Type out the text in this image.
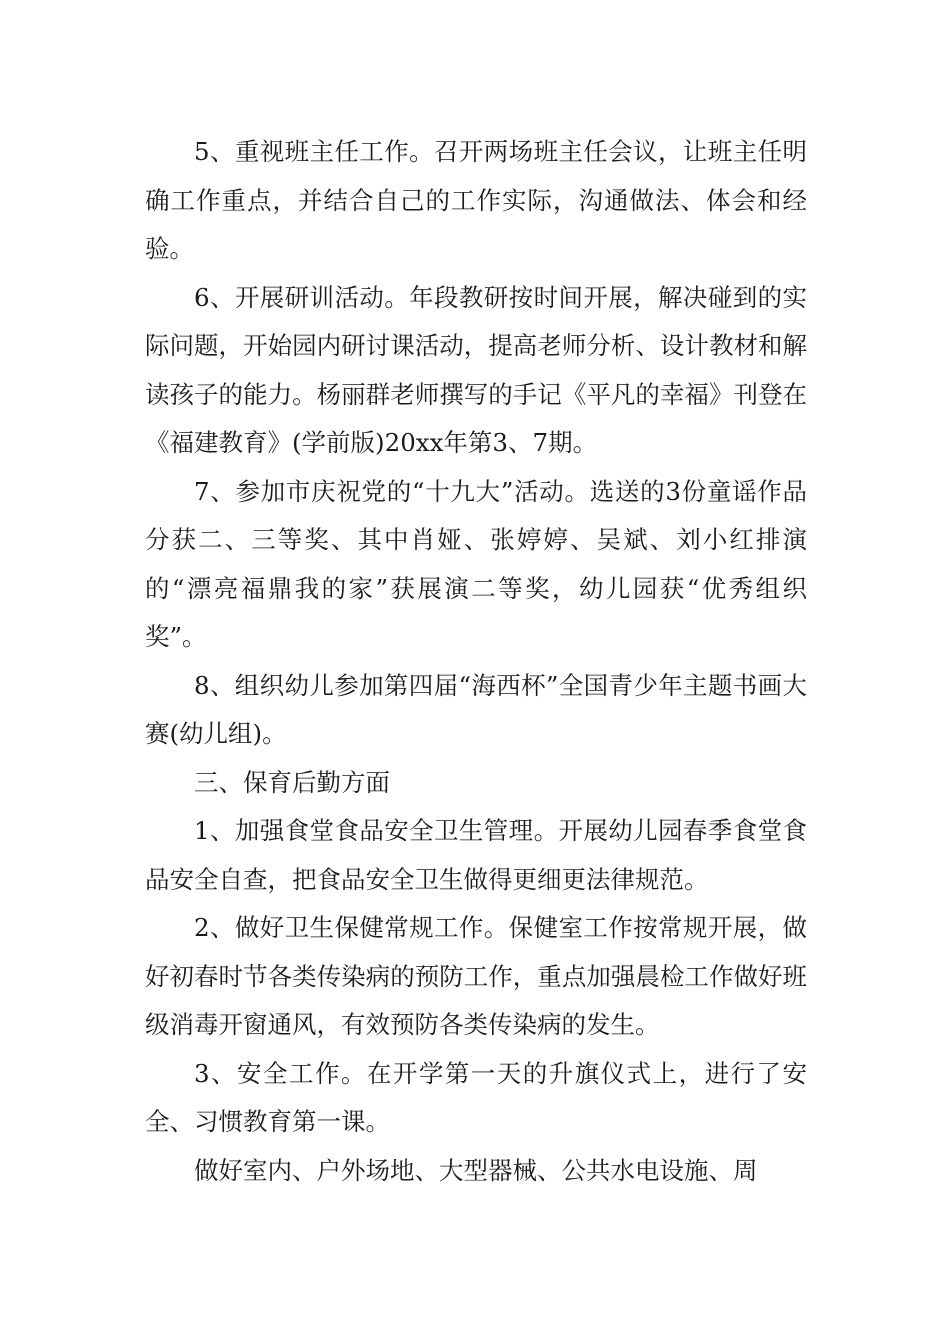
5、重视班主任工作。召开两场班主任会议，让班主任明确工作重点，并结合自己的工作实际，沟通做法、体会和经验。

6、开展研训活动。年段教研按时间开展，解决碰到的实际问题，开始园内研讨课活动，提高老师分析、设计教材和解读孩子的能力。杨丽群老师撰写的手记《平凡的幸福》刊登在《福建教育》(学前版)20xx年第3、7期。

7、参加市庆祝党的“十九大”活动。选送的3份童谣作品分获二、三等奖、其中肖娅、张婷婷、吴斌、刘小红排演的“漂亮福鼎我的家”获展演二等奖，幼儿园获“优秀组织奖”。

8、组织幼儿参加第四届“海西杯”全国青少年主题书画大赛(幼儿组)。

三、保育后勤方面

1、加强食堂食品安全卫生管理。开展幼儿园春季食堂食品安全自查，把食品安全卫生做得更细更法律规范。

2、做好卫生保健常规工作。保健室工作按常规开展，做好初春时节各类传染病的预防工作，重点加强晨检工作做好班级消毒开窗通风，有效预防各类传染病的发生。

3、安全工作。在开学第一天的升旗仪式上，进行了安全、习惯教育第一课。

做好室内、户外场地、大型器械、公共水电设施、周
